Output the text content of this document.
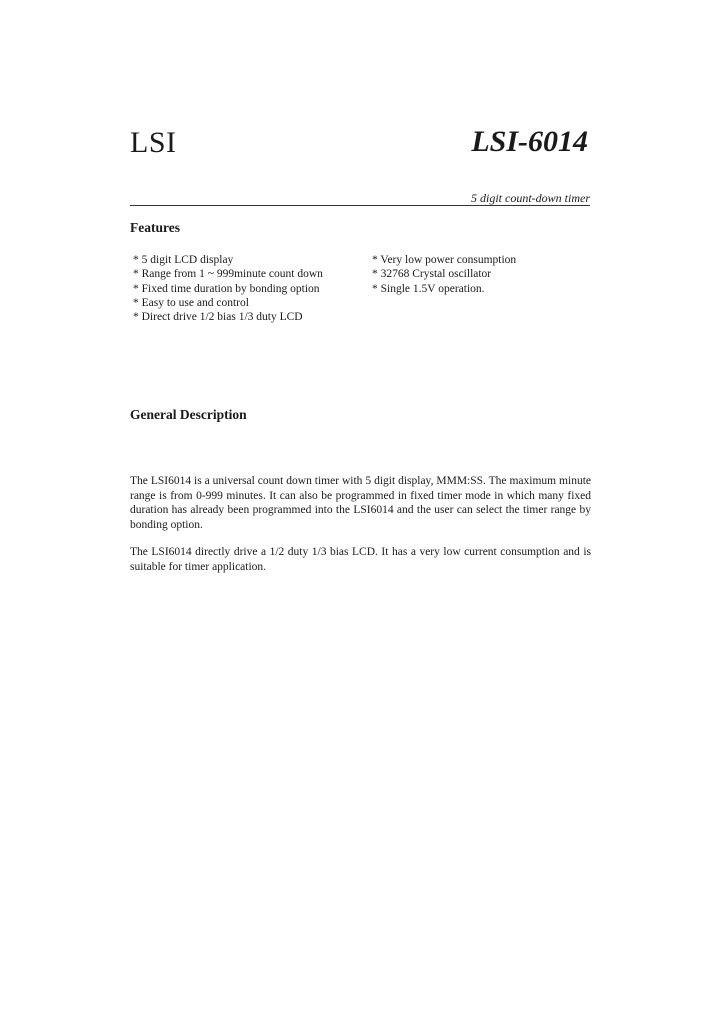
LSI	LSI-6014
5 digit count-down timer
Features
* 5 digit LCD display
* Range from 1 ~ 999minute count down
* Fixed time duration by bonding option
* Easy to use and control
* Direct drive 1/2 bias 1/3 duty LCD
* Very low power consumption
* 32768 Crystal oscillator
* Single 1.5V operation.
General Description

The LSI6014 is a universal count down timer with 5 digit display, MMM:SS. The maximum minute range is from 0-999 minutes. It can also be programmed in fixed timer mode in which many fixed duration has already been programmed into the LSI6014 and the user can select the timer range by bonding option.

The LSI6014 directly drive a 1/2 duty 1/3 bias LCD. It has a very low current consumption and is suitable for timer application.
